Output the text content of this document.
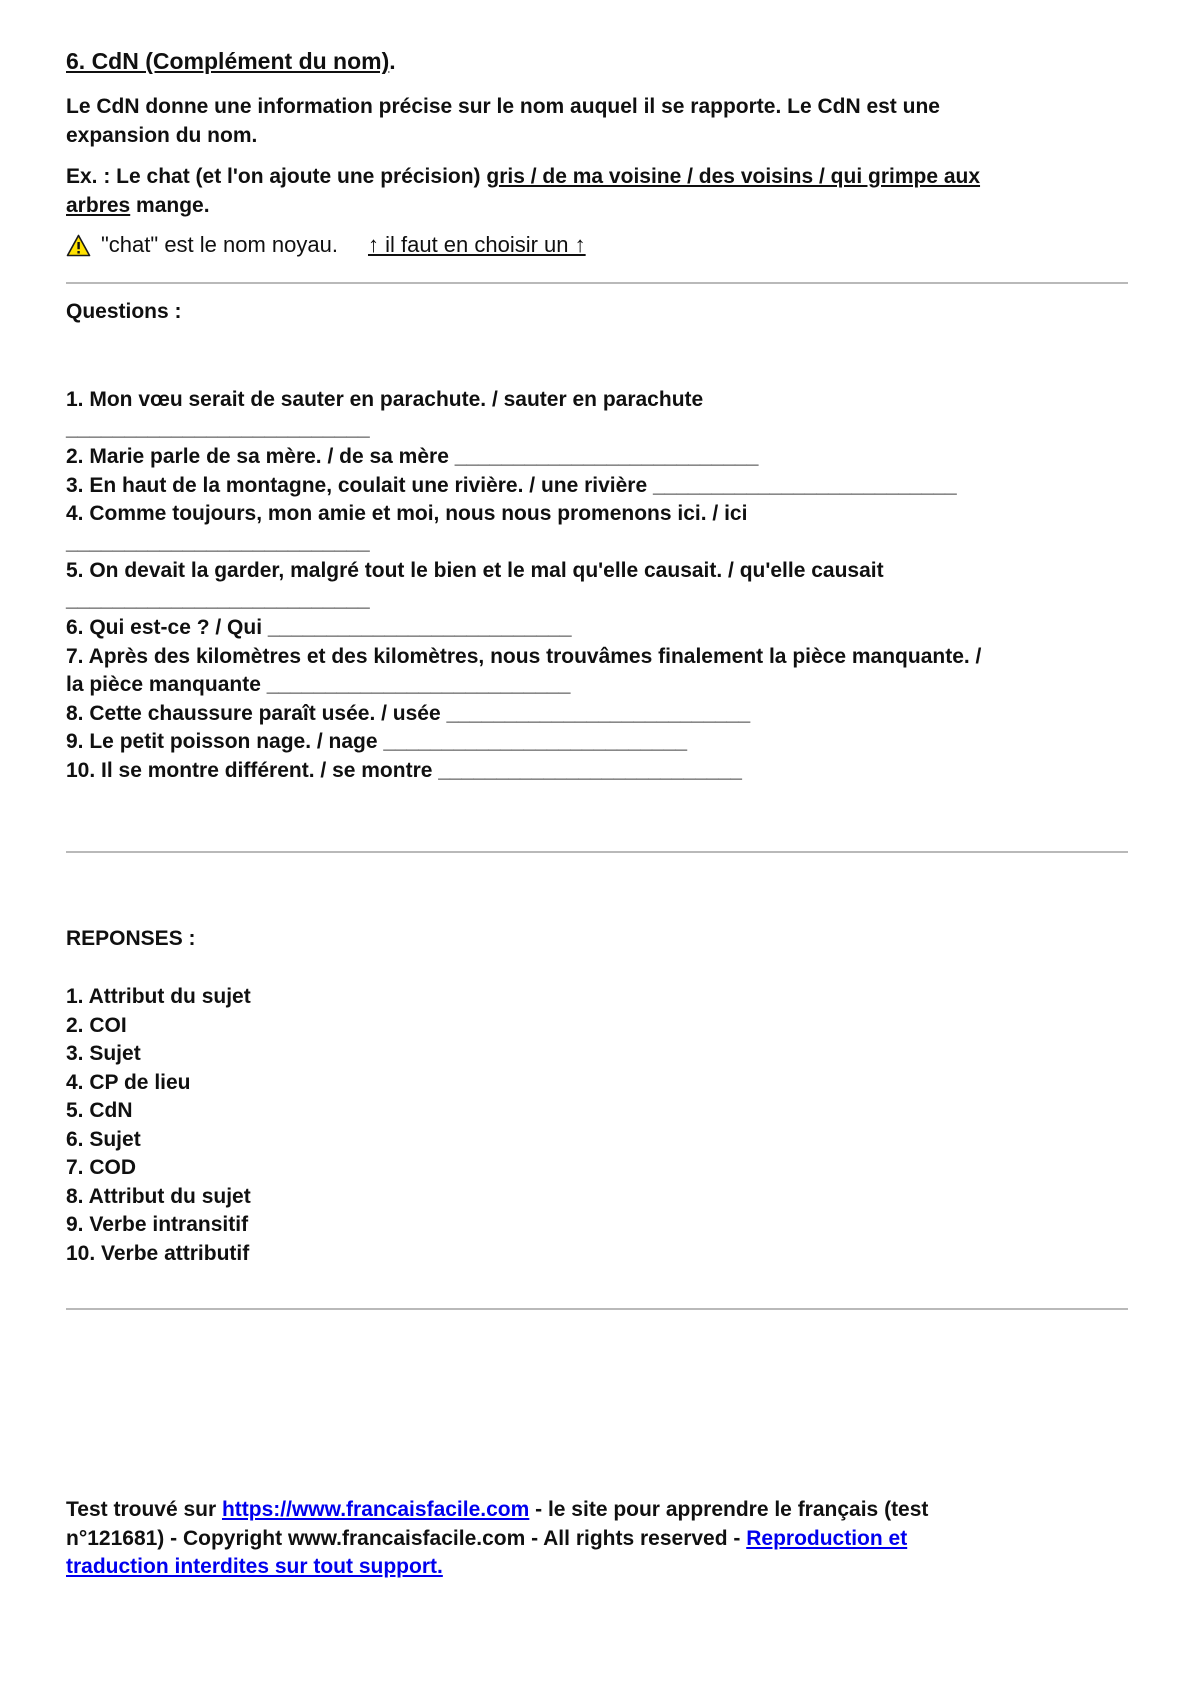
6. CdN (Complément du nom).
Le CdN donne une information précise sur le nom auquel il se rapporte. Le CdN est une
expansion du nom.
Ex. : Le chat (et l'on ajoute une précision) gris / de ma voisine / des voisins / qui grimpe aux
arbres mange.
"chat" est le nom noyau. ↑ il faut en choisir un ↑
Questions :
1. Mon vœu serait de sauter en parachute. / sauter en parachute
__________________________
2. Marie parle de sa mère. / de sa mère __________________________
3. En haut de la montagne, coulait une rivière. / une rivière __________________________
4. Comme toujours, mon amie et moi, nous nous promenons ici. / ici
__________________________
5. On devait la garder, malgré tout le bien et le mal qu'elle causait. / qu'elle causait
__________________________
6. Qui est-ce ? / Qui __________________________
7. Après des kilomètres et des kilomètres, nous trouvâmes finalement la pièce manquante. /
la pièce manquante __________________________
8. Cette chaussure paraît usée. / usée __________________________
9. Le petit poisson nage. / nage __________________________
10. Il se montre différent. / se montre __________________________
REPONSES :
1. Attribut du sujet
2. COI
3. Sujet
4. CP de lieu
5. CdN
6. Sujet
7. COD
8. Attribut du sujet
9. Verbe intransitif
10. Verbe attributif
Test trouvé sur https://www.francaisfacile.com - le site pour apprendre le français (test
n°121681) - Copyright www.francaisfacile.com - All rights reserved - Reproduction et
traduction interdites sur tout support.
